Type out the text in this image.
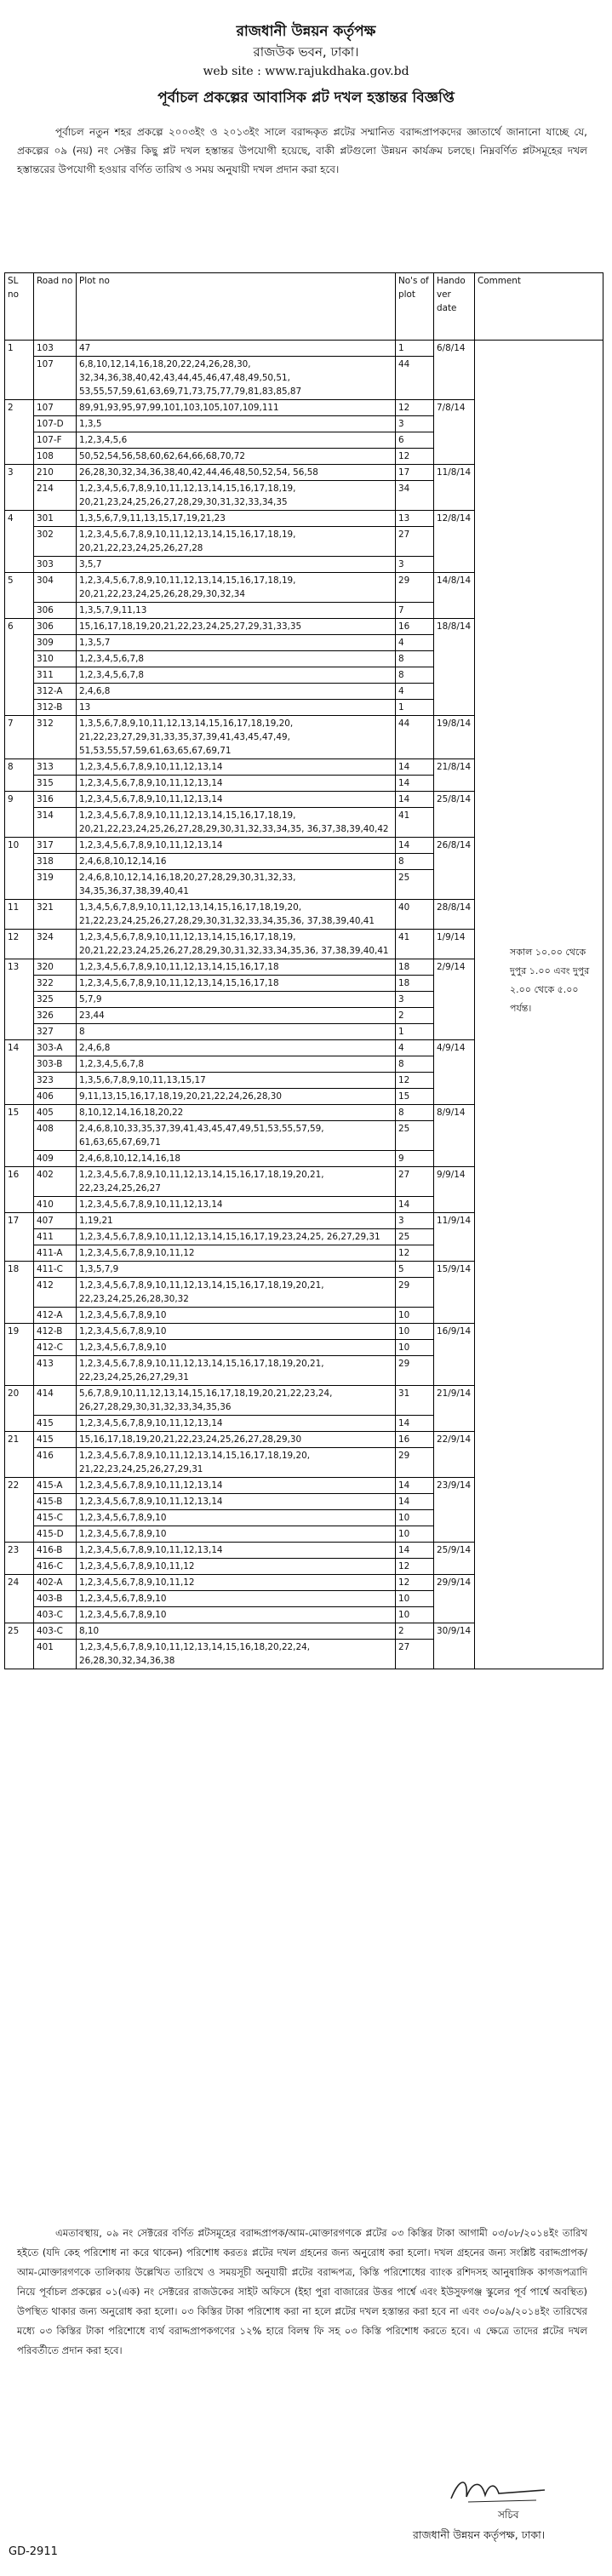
রাজধানী উন্নয়ন কর্তৃপক্ষ
রাজউক ভবন, ঢাকা।
web site : www.rajukdhaka.gov.bd
পূর্বাচল প্রকল্পের আবাসিক প্লট দখল হস্তান্তর বিজ্ঞপ্তি
পূর্বাচল নতুন শহর প্রকল্পে ২০০৩ইং ও ২০১৩ইং সালে বরাদ্দকৃত প্লটের সম্মানিত বরাদ্দপ্রাপকদের জ্ঞাতার্থে জানানো যাচ্ছে যে, প্রকল্পের ০৯ (নয়) নং সেক্টর কিছু প্লট দখল হস্তান্তর উপযোগী হয়েছে, বাকী প্লটগুলো উন্নয়ন কার্যক্রম চলছে। নিম্নবর্ণিত প্লটসমূহের দখল হস্তান্তরের উপযোগী হওয়ার বর্ণিত তারিখ ও সময় অনুযায়ী দখল প্রদান করা হবে।
SL no	Road no	Plot no	No's of plot	Hando ver date	Comment
1	103	47	1	6/8/14	
	107	6,8,10,12,14,16,18,20,22,24,26,28,30, 32,34,36,38,40,42,43,44,45,46,47,48,49,50,51, 53,55,57,59,61,63,69,71,73,75,77,79,81,83,85,87	44		
2	107	89,91,93,95,97,99,101,103,105,107,109,111	12	7/8/14	
	107-D	1,3,5	3		
	107-F	1,2,3,4,5,6	6		
	108	50,52,54,56,58,60,62,64,66,68,70,72	12		
3	210	26,28,30,32,34,36,38,40,42,44,46,48,50,52,54, 56,58	17	11/8/14	
	214	1,2,3,4,5,6,7,8,9,10,11,12,13,14,15,16,17,18,19, 20,21,23,24,25,26,27,28,29,30,31,32,33,34,35	34		
4	301	1,3,5,6,7,9,11,13,15,17,19,21,23	13	12/8/14	
	302	1,2,3,4,5,6,7,8,9,10,11,12,13,14,15,16,17,18,19, 20,21,22,23,24,25,26,27,28	27		
	303	3,5,7	3		
5	304	1,2,3,4,5,6,7,8,9,10,11,12,13,14,15,16,17,18,19, 20,21,22,23,24,25,26,28,29,30,32,34	29	14/8/14	
	306	1,3,5,7,9,11,13	7		
6	306	15,16,17,18,19,20,21,22,23,24,25,27,29,31,33,35	16	18/8/14	
	309	1,3,5,7	4		
	310	1,2,3,4,5,6,7,8	8		
	311	1,2,3,4,5,6,7,8	8		
	312-A	2,4,6,8	4		
	312-B	13	1		
7	312	1,3,5,6,7,8,9,10,11,12,13,14,15,16,17,18,19,20, 21,22,23,27,29,31,33,35,37,39,41,43,45,47,49, 51,53,55,57,59,61,63,65,67,69,71	44	19/8/14	
8	313	1,2,3,4,5,6,7,8,9,10,11,12,13,14	14	21/8/14	
	315	1,2,3,4,5,6,7,8,9,10,11,12,13,14	14		
9	316	1,2,3,4,5,6,7,8,9,10,11,12,13,14	14	25/8/14	
	314	1,2,3,4,5,6,7,8,9,10,11,12,13,14,15,16,17,18,19, 20,21,22,23,24,25,26,27,28,29,30,31,32,33,34,35, 36,37,38,39,40,42	41		
10	317	1,2,3,4,5,6,7,8,9,10,11,12,13,14	14	26/8/14	
	318	2,4,6,8,10,12,14,16	8		
	319	2,4,6,8,10,12,14,16,18,20,27,28,29,30,31,32,33, 34,35,36,37,38,39,40,41	25		
11	321	1,3,4,5,6,7,8,9,10,11,12,13,14,15,16,17,18,19,20, 21,22,23,24,25,26,27,28,29,30,31,32,33,34,35,36, 37,38,39,40,41	40	28/8/14	
12	324	1,2,3,4,5,6,7,8,9,10,11,12,13,14,15,16,17,18,19, 20,21,22,23,24,25,26,27,28,29,30,31,32,33,34,35,36, 37,38,39,40,41	41	1/9/14	
13	320	1,2,3,4,5,6,7,8,9,10,11,12,13,14,15,16,17,18	18	2/9/14	
	322	1,2,3,4,5,6,7,8,9,10,11,12,13,14,15,16,17,18	18		
	325	5,7,9	3		
	326	23,44	2		
	327	8	1		
14	303-A	2,4,6,8	4	4/9/14	
	303-B	1,2,3,4,5,6,7,8	8		
	323	1,3,5,6,7,8,9,10,11,13,15,17	12		
	406	9,11,13,15,16,17,18,19,20,21,22,24,26,28,30	15		
15	405	8,10,12,14,16,18,20,22	8	8/9/14	
	408	2,4,6,8,10,33,35,37,39,41,43,45,47,49,51,53,55,57,59, 61,63,65,67,69,71	25		
	409	2,4,6,8,10,12,14,16,18	9		
16	402	1,2,3,4,5,6,7,8,9,10,11,12,13,14,15,16,17,18,19,20,21, 22,23,24,25,26,27	27	9/9/14	
	410	1,2,3,4,5,6,7,8,9,10,11,12,13,14	14		
17	407	1,19,21	3	11/9/14	
	411	1,2,3,4,5,6,7,8,9,10,11,12,13,14,15,16,17,19,23,24,25, 26,27,29,31	25		
	411-A	1,2,3,4,5,6,7,8,9,10,11,12	12		
18	411-C	1,3,5,7,9	5	15/9/14	
	412	1,2,3,4,5,6,7,8,9,10,11,12,13,14,15,16,17,18,19,20,21, 22,23,24,25,26,28,30,32	29		
	412-A	1,2,3,4,5,6,7,8,9,10	10		
19	412-B	1,2,3,4,5,6,7,8,9,10	10	16/9/14	
	412-C	1,2,3,4,5,6,7,8,9,10	10		
	413	1,2,3,4,5,6,7,8,9,10,11,12,13,14,15,16,17,18,19,20,21, 22,23,24,25,26,27,29,31	29		
20	414	5,6,7,8,9,10,11,12,13,14,15,16,17,18,19,20,21,22,23,24, 26,27,28,29,30,31,32,33,34,35,36	31	21/9/14	
	415	1,2,3,4,5,6,7,8,9,10,11,12,13,14	14		
21	415	15,16,17,18,19,20,21,22,23,24,25,26,27,28,29,30	16	22/9/14	
	416	1,2,3,4,5,6,7,8,9,10,11,12,13,14,15,16,17,18,19,20, 21,22,23,24,25,26,27,29,31	29		
22	415-A	1,2,3,4,5,6,7,8,9,10,11,12,13,14	14	23/9/14	
	415-B	1,2,3,4,5,6,7,8,9,10,11,12,13,14	14		
	415-C	1,2,3,4,5,6,7,8,9,10	10		
	415-D	1,2,3,4,5,6,7,8,9,10	10		
23	416-B	1,2,3,4,5,6,7,8,9,10,11,12,13,14	14	25/9/14	
	416-C	1,2,3,4,5,6,7,8,9,10,11,12	12		
24	402-A	1,2,3,4,5,6,7,8,9,10,11,12	12	29/9/14	
	403-B	1,2,3,4,5,6,7,8,9,10	10		
	403-C	1,2,3,4,5,6,7,8,9,10	10		
25	403-C	8,10	2	30/9/14	
	401	1,2,3,4,5,6,7,8,9,10,11,12,13,14,15,16,18,20,22,24, 26,28,30,32,34,36,38	27		
সকাল ১০.০০ থেকে দুপুর ১.০০ এবং দুপুর ২.০০ থেকে ৫.০০ পর্যন্ত।
এমতাবস্থায়, ০৯ নং সেক্টরের বর্ণিত প্লটসমূহের বরাদ্দপ্রাপক/আম-মোক্তারগণকে প্লটের ০৩ কিস্তির টাকা আগামী ০৩/০৮/২০১৪ইং তারিখ হইতে (যদি কেহ পরিশোধ না করে থাকেন) পরিশোধ করতঃ প্লটের দখল গ্রহনের জন্য অনুরোধ করা হলো। দখল গ্রহনের জন্য সংশ্লিষ্ট বরাদ্দপ্রাপক/আম-মোক্তারগণকে তালিকায় উল্লেখিত তারিখে ও সময়সূচী অনুযায়ী প্লটের বরাদ্দপত্র, কিস্তি পরিশোধের ব্যাংক রশিদসহ আনুষাঙ্গিক কাগজপত্রাদি নিয়ে পূর্বাচল প্রকল্পের ০১(এক) নং সেক্টরের রাজউকের সাইট অফিসে (ইহা পুরা বাজারের উত্তর পার্শ্বে এবং ইউসুফগঞ্জ স্কুলের পূর্ব পার্শ্বে অবস্থিত) উপস্থিত থাকার জন্য অনুরোধ করা হলো। ০৩ কিস্তির টাকা পরিশোধ করা না হলে প্লটের দখল হস্তান্তর করা হবে না এবং ৩০/০৯/২০১৪ইং তারিখের মধ্যে ০৩ কিস্তির টাকা পরিশোধে ব্যর্থ বরাদ্দপ্রাপকগণের ১২% হারে বিলম্ব ফি সহ ০৩ কিস্তি পরিশোধ করতে হবে। এ ক্ষেত্রে তাদের প্লটের দখল পরিবর্তীতে প্রদান করা হবে।
সচিব
রাজধানী উন্নয়ন কর্তৃপক্ষ, ঢাকা।
GD-2911
